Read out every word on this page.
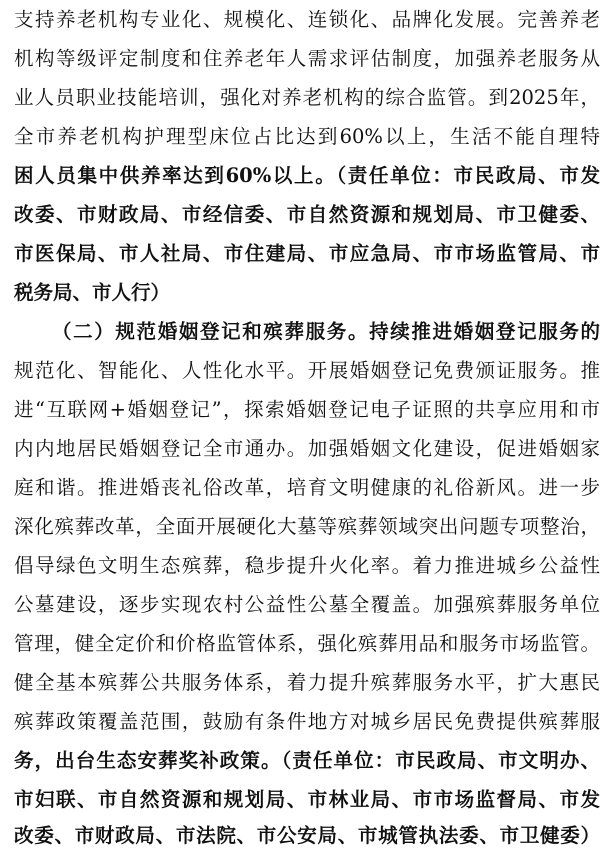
支持养老机构专业化、规模化、连锁化、品牌化发展。完善养老
机构等级评定制度和住养老年人需求评估制度，加强养老服务从
业人员职业技能培训，强化对养老机构的综合监管。到2025年，
全市养老机构护理型床位占比达到60%以上，生活不能自理特
困人员集中供养率达到60%以上。（责任单位：市民政局、市发
改委、市财政局、市经信委、市自然资源和规划局、市卫健委、
市医保局、市人社局、市住建局、市应急局、市市场监管局、市
税务局、市人行）
（二）规范婚姻登记和殡葬服务。持续推进婚姻登记服务的
规范化、智能化、人性化水平。开展婚姻登记免费颁证服务。推
进“互联网+婚姻登记”，探索婚姻登记电子证照的共享应用和市
内内地居民婚姻登记全市通办。加强婚姻文化建设，促进婚姻家
庭和谐。推进婚丧礼俗改革，培育文明健康的礼俗新风。进一步
深化殡葬改革，全面开展硬化大墓等殡葬领域突出问题专项整治，
倡导绿色文明生态殡葬，稳步提升火化率。着力推进城乡公益性
公墓建设，逐步实现农村公益性公墓全覆盖。加强殡葬服务单位
管理，健全定价和价格监管体系，强化殡葬用品和服务市场监管。
健全基本殡葬公共服务体系，着力提升殡葬服务水平，扩大惠民
殡葬政策覆盖范围，鼓励有条件地方对城乡居民免费提供殡葬服
务，出台生态安葬奖补政策。（责任单位：市民政局、市文明办、
市妇联、市自然资源和规划局、市林业局、市市场监督局、市发
改委、市财政局、市法院、市公安局、市城管执法委、市卫健委）
